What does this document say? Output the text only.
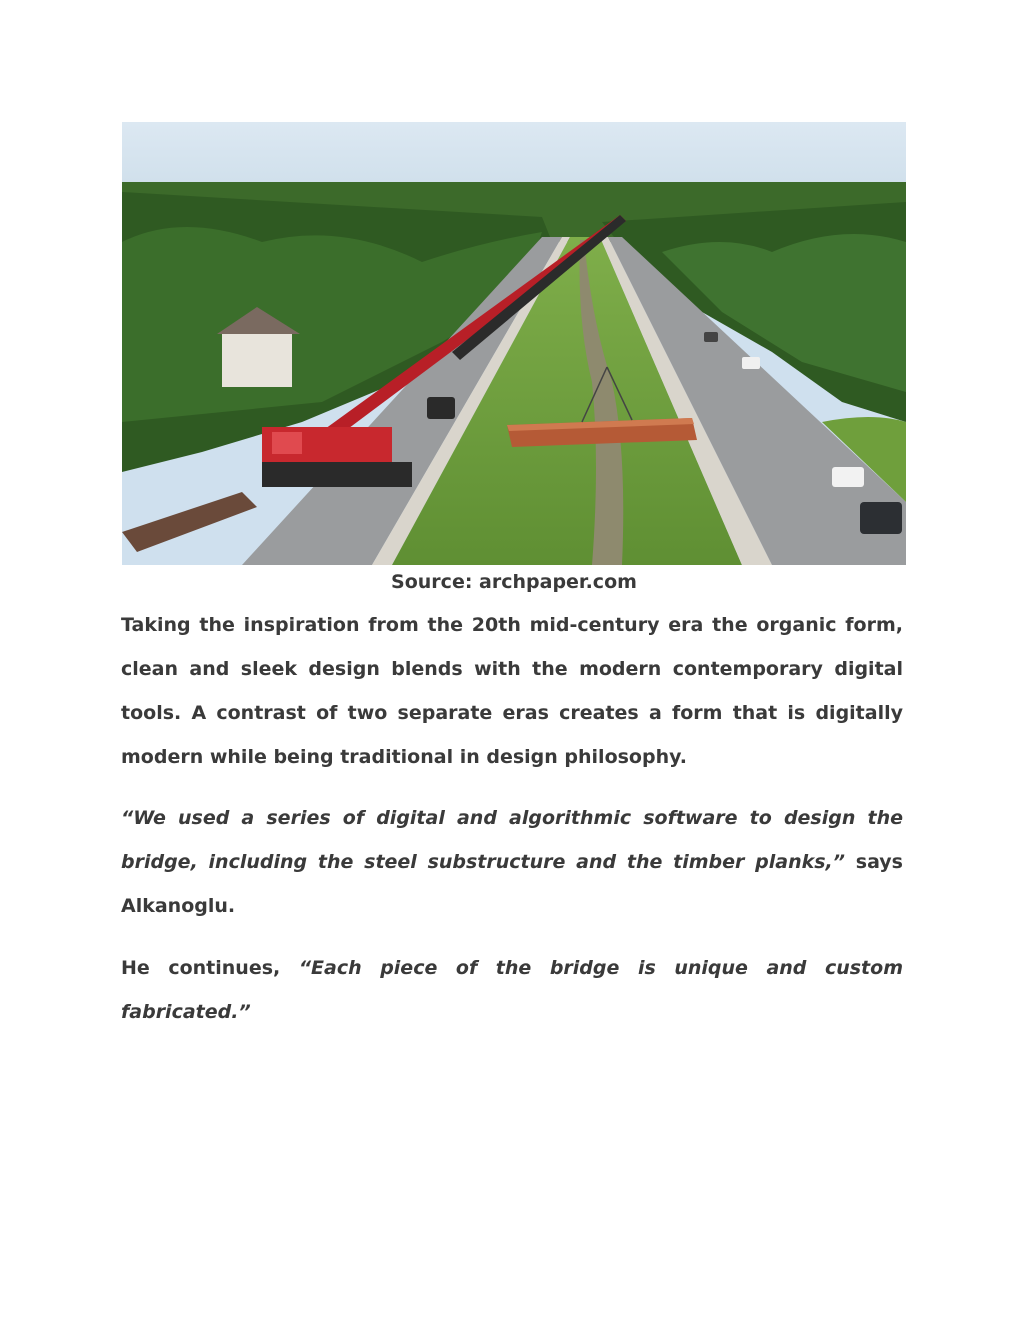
Source: archpaper.com

Taking the inspiration from the 20th mid-century era the organic form, clean and sleek design blends with the modern contemporary digital tools. A contrast of two separate eras creates a form that is digitally modern while being traditional in design philosophy.

“We used a series of digital and algorithmic software to design the bridge, including the steel substructure and the timber planks,” says Alkanoglu.

He continues, “Each piece of the bridge is unique and custom fabricated.”
